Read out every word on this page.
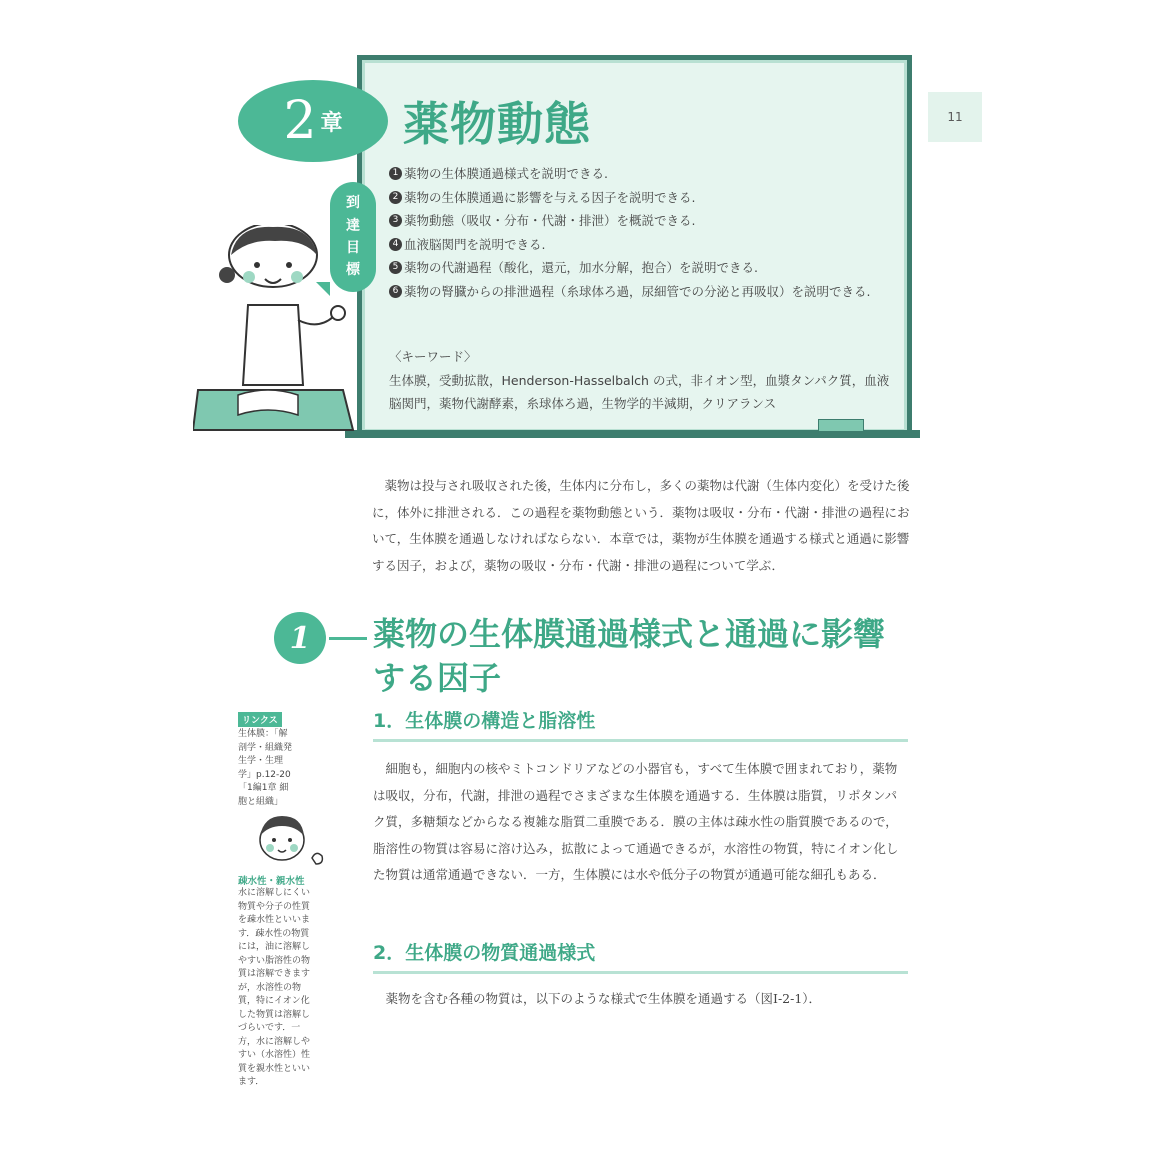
2 章 薬物動態
到
達
目
標
1 薬物の生体膜通過様式を説明できる.
2 薬物の生体膜通過に影響を与える因子を説明できる.
3 薬物動態（吸収・分布・代謝・排泄）を概説できる.
4 血液脳関門を説明できる.
5 薬物の代謝過程（酸化，還元，加水分解，抱合）を説明できる.
6 薬物の腎臓からの排泄過程（糸球体ろ過，尿細管での分泌と再吸収）を説明できる.
〈キーワード〉
生体膜，受動拡散，Henderson-Hasselbalch の式，非イオン型，血漿タンパク質，血液脳関門，薬物代謝酵素，糸球体ろ過，生物学的半減期，クリアランス
11

薬物は投与され吸収された後，生体内に分布し，多くの薬物は代謝（生体内変化）を受けた後に，体外に排泄される．この過程を薬物動態という．薬物は吸収・分布・代謝・排泄の過程において，生体膜を通過しなければならない．本章では，薬物が生体膜を通過する様式と通過に影響する因子，および，薬物の吸収・分布・代謝・排泄の過程について学ぶ．

1	薬物の生体膜通過様式と通過に影響する因子
1．生体膜の構造と脂溶性

細胞も，細胞内の核やミトコンドリアなどの小器官も，すべて生体膜で囲まれており，薬物は吸収，分布，代謝，排泄の過程でさまざまな生体膜を通過する．生体膜は脂質，リポタンパク質，多糖類などからなる複雑な脂質二重膜である．膜の主体は疎水性の脂質膜であるので，脂溶性の物質は容易に溶け込み，拡散によって通過できるが，水溶性の物質，特にイオン化した物質は通常通過できない．一方，生体膜には水や低分子の物質が通過可能な細孔もある．

2．生体膜の物質通過様式

薬物を含む各種の物質は，以下のような様式で生体膜を通過する（図Ⅰ-2-1）．

リンクス

生体膜：「解剖学・組織発生学・生理学」p.12-20「1編1章 細胞と組織」

疎水性・親水性

水に溶解しにくい物質や分子の性質を疎水性といいます．疎水性の物質には，油に溶解しやすい脂溶性の物質は溶解できますが，水溶性の物質，特にイオン化した物質は溶解しづらいです．一方，水に溶解しやすい（水溶性）性質を親水性といいます．
